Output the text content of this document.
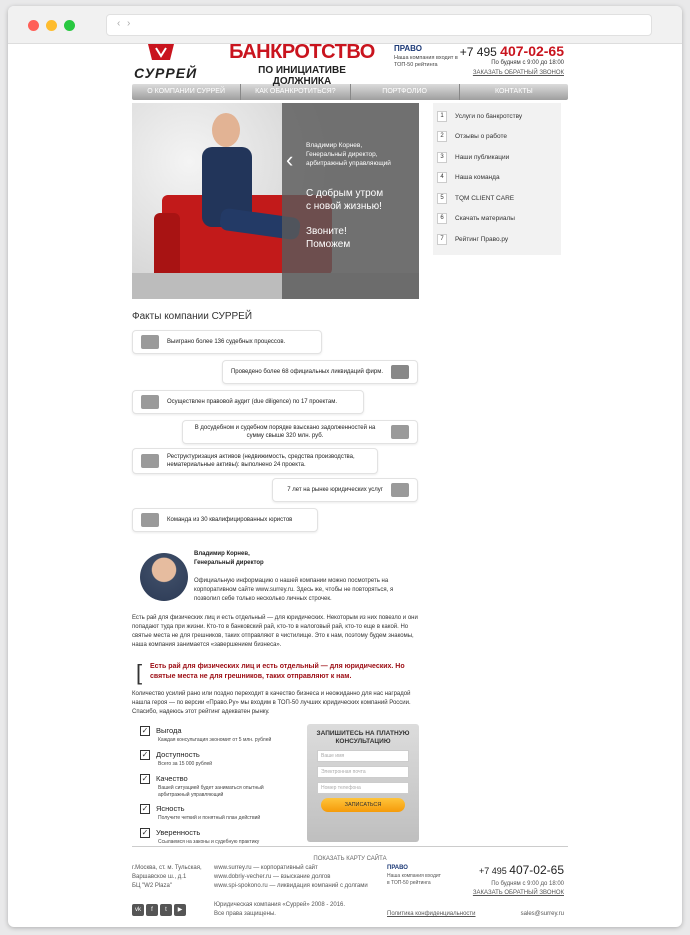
‹ ›
СУРРЕЙ
БАНКРОТСТВО
ПО ИНИЦИАТИВЕ ДОЛЖНИКА
ПРАВО
Наша компания входит в ТОП-50 рейтинга
+7 495 407-02-65
По будням с 9:00 до 18:00
ЗАКАЗАТЬ ОБРАТНЫЙ ЗВОНОК
О КОМПАНИИ СУРРЕЙ	КАК ОБАНКРОТИТЬСЯ?	ПОРТФОЛИО	КОНТАКТЫ
‹
Владимир Корнев,
Генеральный директор,
арбитражный управляющий
С добрым утром
с новой жизнью!
Звоните!
Поможем
1	Услуги по банкротству
2	Отзывы о работе
3	Наши публикации
4	Наша команда
5	TQM CLIENT CARE
6	Скачать материалы
7	Рейтинг Право.ру
Факты компании СУРРЕЙ
Выиграно более 136 судебных процессов.
Проведено более 68 официальных ликвидаций фирм.
Осуществлен правовой аудит (due diligence) по 17 проектам.
В досудебном и судебном порядке взыскано задолженностей на сумму свыше 320 млн. руб.
Реструктуризация активов (недвижимость, средства производства, нематериальные активы): выполнено 24 проекта.
7 лет на рынке юридических услуг
Команда из 30 квалифицированных юристов
Владимир Корнев,
Генеральный директор
Официальную информацию о нашей компании можно посмотреть на корпоративном сайте www.surrey.ru. Здесь же, чтобы не повторяться, я позволил себе только несколько личных строчек.
Есть рай для физических лиц и есть отдельный — для юридических. Некоторым из них повезло и они попадают туда при жизни. Кто-то в банковский рай, кто-то в налоговый рай, кто-то еще в какой. Но святые места не для грешников, таких отправляют в чистилище. Это к нам, поэтому будем знакомы, наша компания занимается «завершением бизнеса».
[ Есть рай для физических лиц и есть отдельный — для юридических. Но святые места не для грешников, таких отправляют к нам.

Количество усилий рано или поздно переходит в качество бизнеса и неожиданно для нас наградой нашла героя — по версии «Право.Ру» мы входим в ТОП-50 лучших юридических компаний России. Спасибо, надеюсь этот рейтинг адекватен рынку.
✓ Выгода
Каждая консультация экономит от 5 млн. рублей
✓ Доступность
Всего за 15 000 рублей
✓ Качество
Вашей ситуацией будет заниматься опытный
арбитражный управляющий
✓ Ясность
Получите четкий и понятный план действий
✓ Уверенность
Ссылаемся на законы и судебную практику
ЗАПИШИТЕСЬ НА ПЛАТНУЮ КОНСУЛЬТАЦИЮ
Ваше имя
Электронная почта
Номер телефона
ЗАПИСАТЬСЯ
ПОКАЗАТЬ КАРТУ САЙТА
г.Москва, ст. м. Тульская,
Варшавское ш., д.1
БЦ "W2 Plaza"
www.surrey.ru — корпоративный сайт
www.dobriy-vecher.ru — взыскание долгов
www.spi-spokono.ru — ликвидация компаний с долгами
Юридическая компания «Суррей» 2008 - 2016.
Все права защищены.
vk	f	t	▶
ПРАВО
Наша компания входит
в ТОП-50 рейтинга
Политика конфиденциальности
+7 495 407-02-65
По будням с 9:00 до 18:00
ЗАКАЗАТЬ ОБРАТНЫЙ ЗВОНОК
sales@surrey.ru
